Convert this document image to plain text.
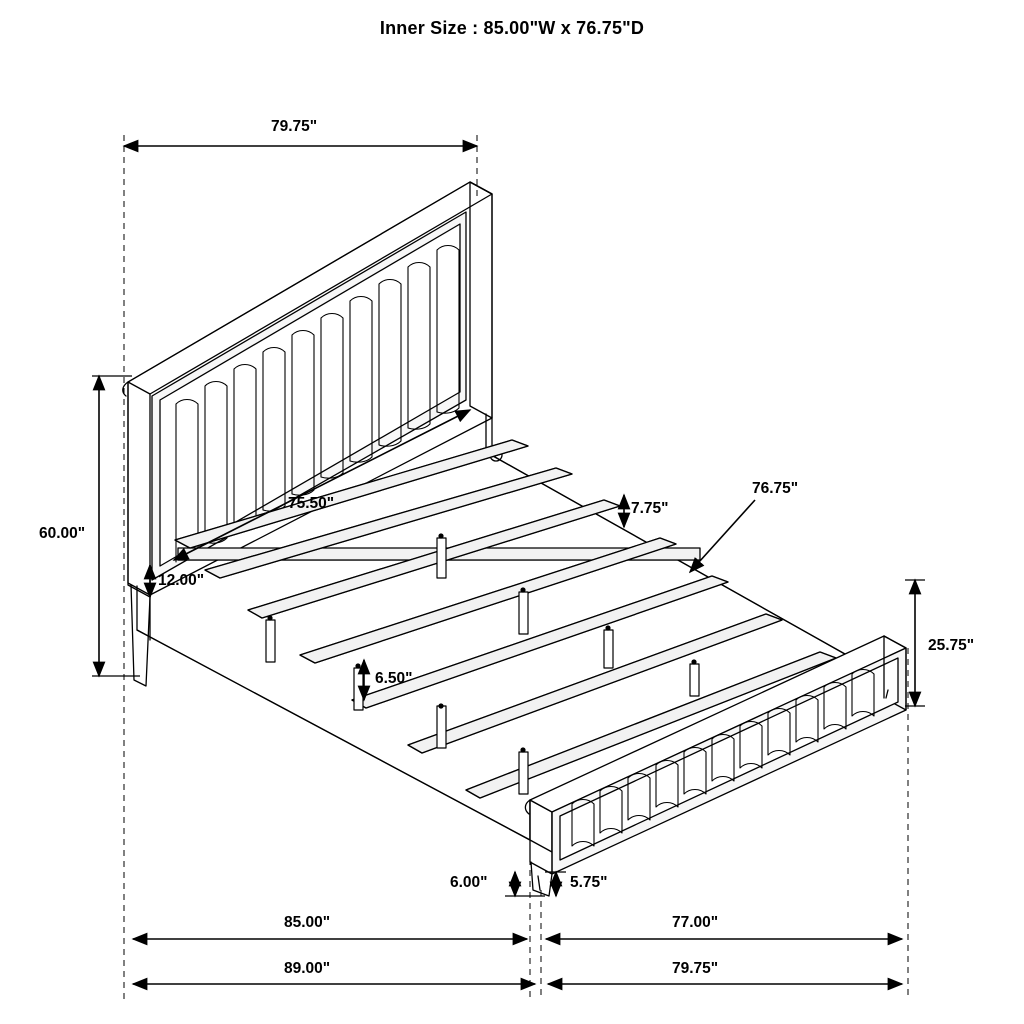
Inner Size : 85.00"W x 76.75"D
79.75"
60.00"
75.50"
12.00"
7.75"
76.75"
6.50"
25.75"
6.00"	5.75"
85.00"	77.00"
89.00"	79.75"
